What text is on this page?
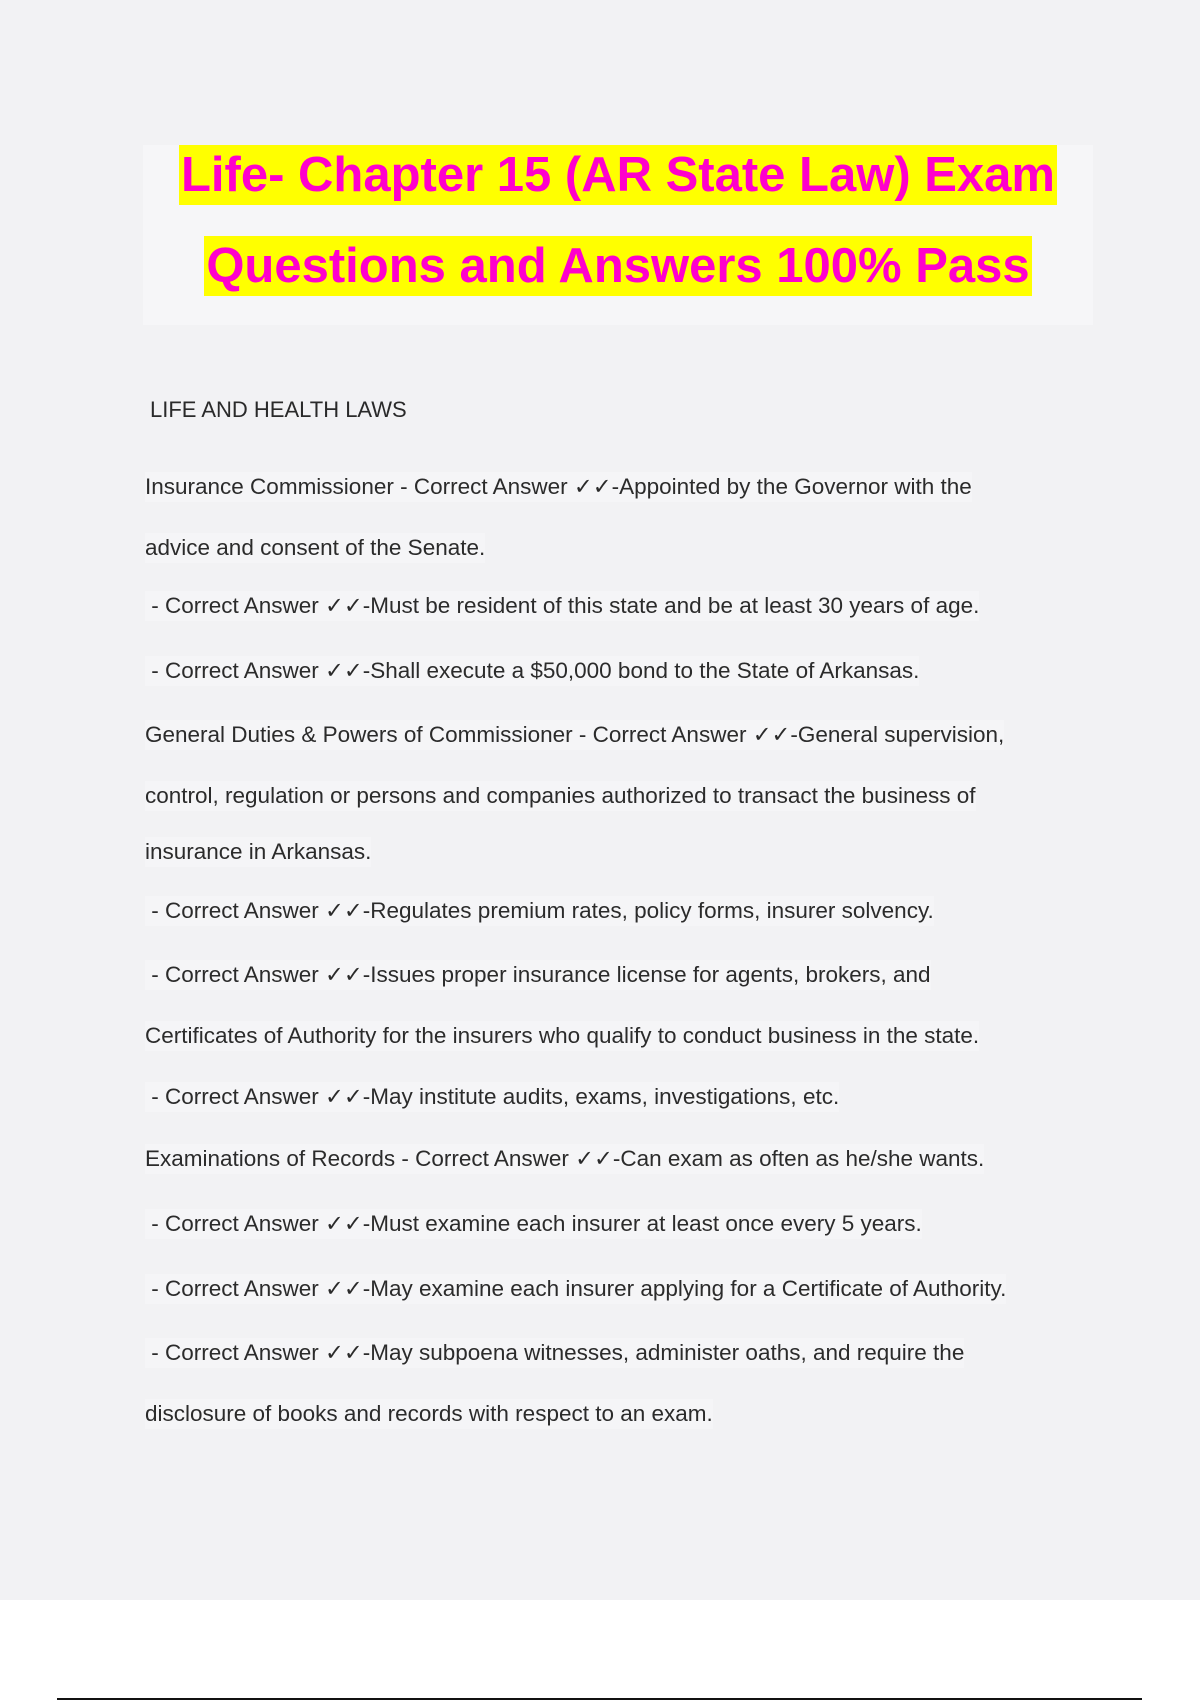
Life- Chapter 15 (AR State Law) Exam
Questions and Answers 100% Pass
LIFE AND HEALTH LAWS
Insurance Commissioner - Correct Answer ✓✓-Appointed by the Governor with the
advice and consent of the Senate.
- Correct Answer ✓✓-Must be resident of this state and be at least 30 years of age.
- Correct Answer ✓✓-Shall execute a $50,000 bond to the State of Arkansas.
General Duties & Powers of Commissioner - Correct Answer ✓✓-General supervision,
control, regulation or persons and companies authorized to transact the business of
insurance in Arkansas.
- Correct Answer ✓✓-Regulates premium rates, policy forms, insurer solvency.
- Correct Answer ✓✓-Issues proper insurance license for agents, brokers, and
Certificates of Authority for the insurers who qualify to conduct business in the state.
- Correct Answer ✓✓-May institute audits, exams, investigations, etc.
Examinations of Records - Correct Answer ✓✓-Can exam as often as he/she wants.
- Correct Answer ✓✓-Must examine each insurer at least once every 5 years.
- Correct Answer ✓✓-May examine each insurer applying for a Certificate of Authority.
- Correct Answer ✓✓-May subpoena witnesses, administer oaths, and require the
disclosure of books and records with respect to an exam.
